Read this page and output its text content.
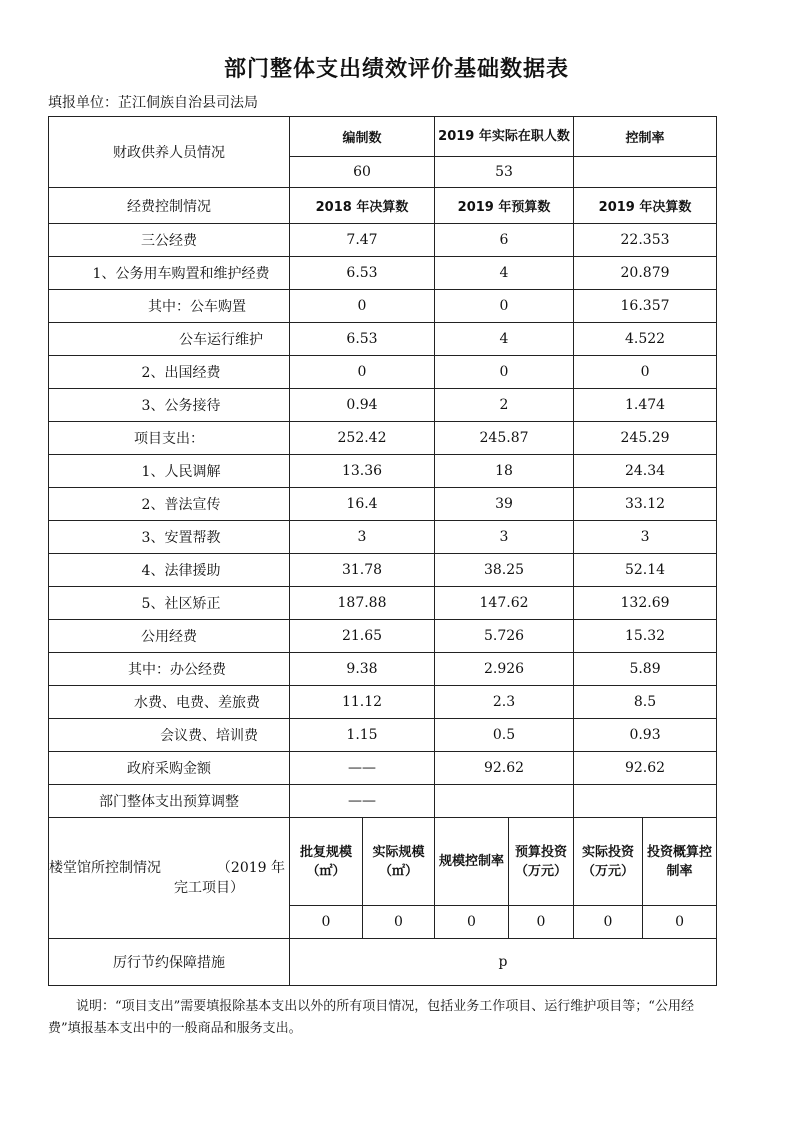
部门整体支出绩效评价基础数据表
填报单位：芷江侗族自治县司法局
财政供养人员情况	编制数		2019 年实际在职人数		控制率	
	60		53			
经费控制情况	2018 年决算数		2019 年预算数		2019 年决算数	
三公经费	7.47		6		22.353	
1、公务用车购置和维护经费	6.53		4		20.879	
其中：公车购置	0		0		16.357	
公车运行维护	6.53		4		4.522	
2、出国经费	0		0		0	
3、公务接待	0.94		2		1.474	
项目支出：	252.42		245.87		245.29	
1、人民调解	13.36		18		24.34	
2、普法宣传	16.4		39		33.12	
3、安置帮教	3		3		3	
4、法律援助	31.78		38.25		52.14	
5、社区矫正	187.88		147.62		132.69	
公用经费	21.65		5.726		15.32	
其中：办公经费	9.38		2.926		5.89	
水费、电费、差旅费	11.12		2.3		8.5	
会议费、培训费	1.15		0.5		0.93	
政府采购金额	——		92.62		92.62	
部门整体支出预算调整	——					

楼堂馆所控制情况 （2019 年
完工项目）	批复规模（㎡）	实际规模（㎡）	规模控制率	预算投资（万元）	实际投资（万元）	投资概算控制率
	0	0	0	0	0	0
厉行节约保障措施	p					
说明：“项目支出”需要填报除基本支出以外的所有项目情况，包括业务工作项目、运行维护项目等；“公用经费”填报基本支出中的一般商品和服务支出。
